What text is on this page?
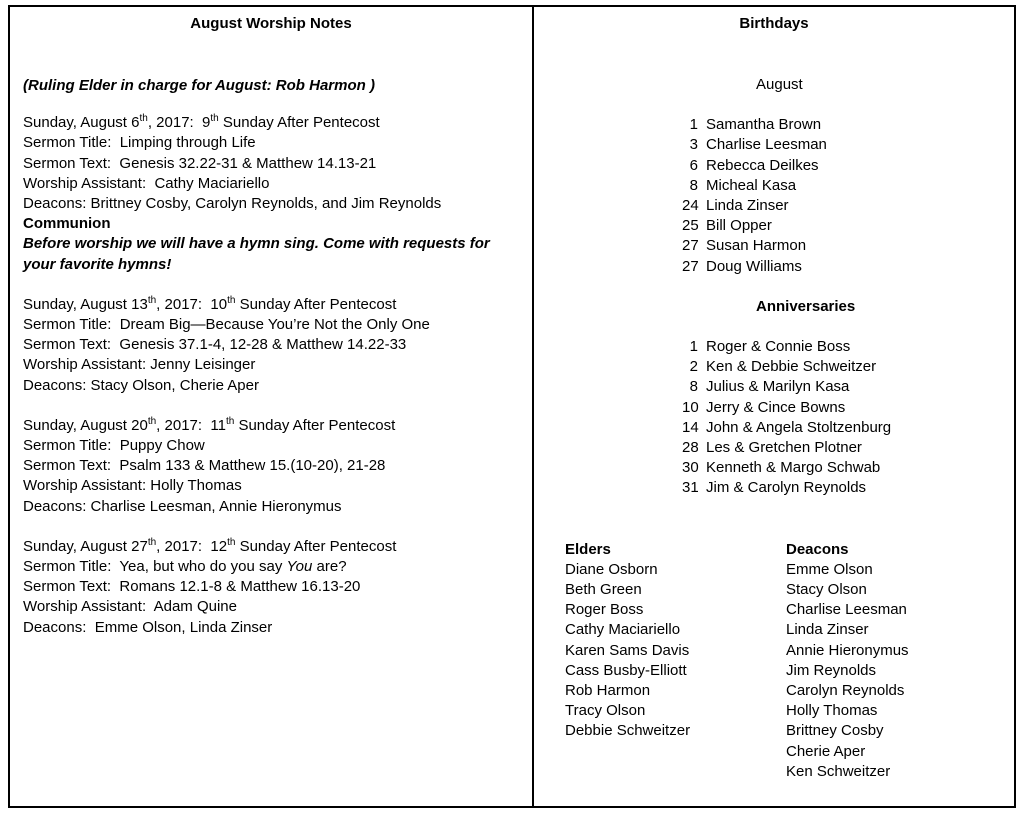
August Worship Notes
(Ruling Elder in charge for August: Rob Harmon )
Sunday, August 6th, 2017:  9th Sunday After Pentecost
Sermon Title:  Limping through Life
Sermon Text:  Genesis 32.22-31 & Matthew 14.13-21
Worship Assistant:  Cathy Maciariello
Deacons: Brittney Cosby, Carolyn Reynolds, and Jim Reynolds
Communion
Before worship we will have a hymn sing. Come with requests for your favorite hymns!
Sunday, August 13th, 2017:  10th Sunday After Pentecost
Sermon Title:  Dream Big—Because You’re Not the Only One
Sermon Text:  Genesis 37.1-4, 12-28 & Matthew 14.22-33
Worship Assistant: Jenny Leisinger
Deacons: Stacy Olson, Cherie Aper
Sunday, August 20th, 2017:  11th Sunday After Pentecost
Sermon Title:  Puppy Chow
Sermon Text:  Psalm 133 & Matthew 15.(10-20), 21-28
Worship Assistant: Holly Thomas
Deacons: Charlise Leesman, Annie Hieronymus
Sunday, August 27th, 2017:  12th Sunday After Pentecost
Sermon Title:  Yea, but who do you say You are?
Sermon Text:  Romans 12.1-8 & Matthew 16.13-20
Worship Assistant:  Adam Quine
Deacons:  Emme Olson, Linda Zinser
Birthdays
August
1 Samantha Brown
3 Charlise Leesman
6 Rebecca Deilkes
8 Micheal Kasa
24 Linda Zinser
25 Bill Opper
27 Susan Harmon
27 Doug Williams
Anniversaries
1 Roger & Connie Boss
2 Ken & Debbie Schweitzer
8 Julius & Marilyn Kasa
10 Jerry & Cince Bowns
14 John & Angela Stoltzenburg
28 Les & Gretchen Plotner
30 Kenneth & Margo Schwab
31 Jim & Carolyn Reynolds
Elders
Diane Osborn
Beth Green
Roger Boss
Cathy Maciariello
Karen Sams Davis
Cass Busby-Elliott
Rob Harmon
Tracy Olson
Debbie Schweitzer
Deacons
Emme Olson
Stacy Olson
Charlise Leesman
Linda Zinser
Annie Hieronymus
Jim Reynolds
Carolyn Reynolds
Holly Thomas
Brittney Cosby
Cherie Aper
Ken Schweitzer
